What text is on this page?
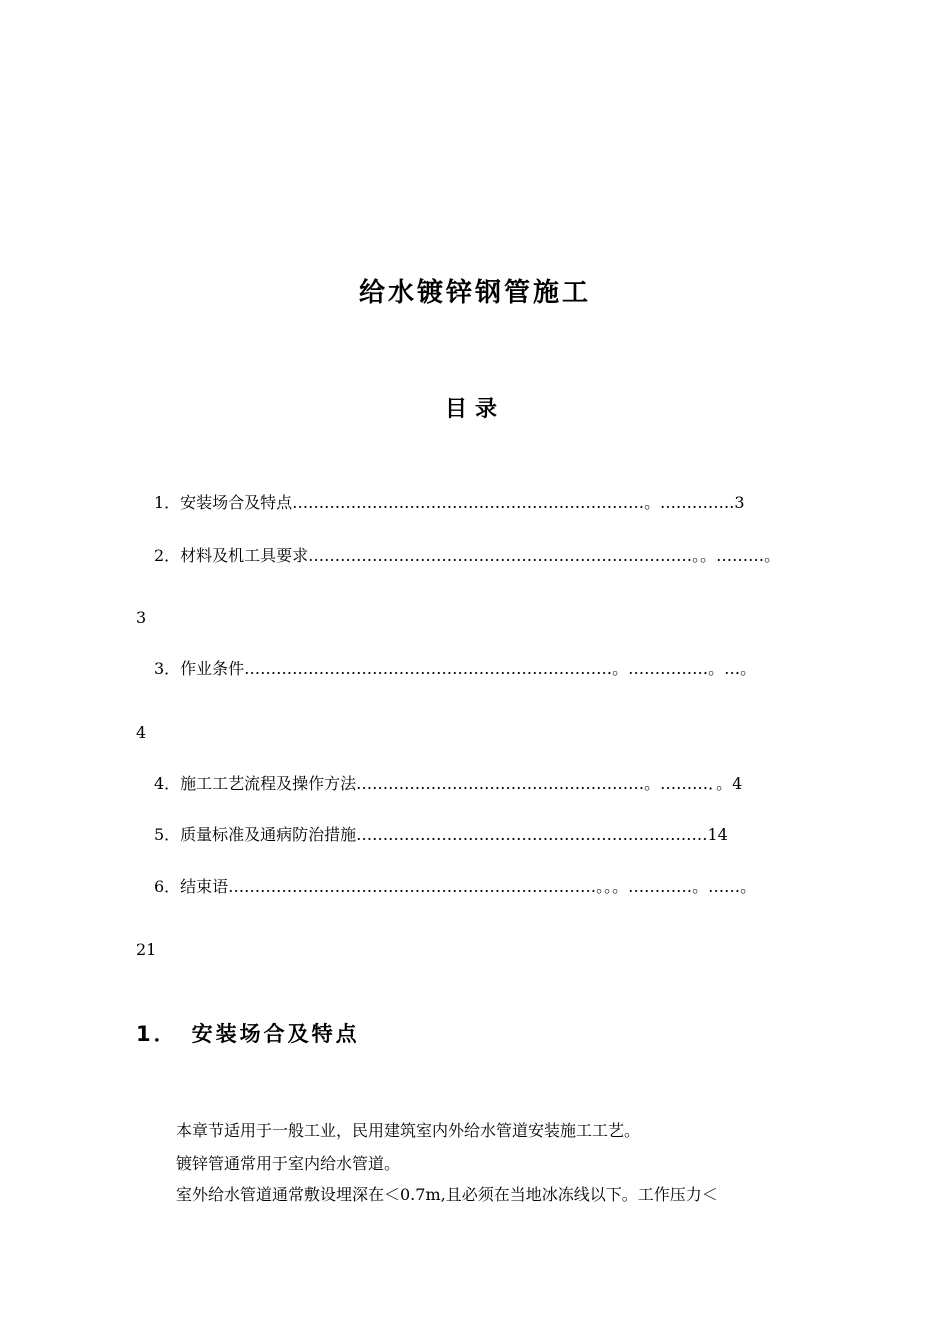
给水镀锌钢管施工
目录
1．安装场合及特点…………………………………………………………。.………….3
2．材料及机工具要求………………………………………………………………。。………。
3
3．作业条件……………………………………………………………。……………。…。
4
4．施工工艺流程及操作方法………………………………………………。………．。4
5．质量标准及通病防治措施……………………………………….………..………14
6．结束语……………………………………………………………。。。…………。……。
21
1． 安装场合及特点

本章节适用于一般工业，民用建筑室内外给水管道安装施工工艺。

镀锌管通常用于室内给水管道。

室外给水管道通常敷设埋深在＜0.7m,且必须在当地冰冻线以下。工作压力＜
